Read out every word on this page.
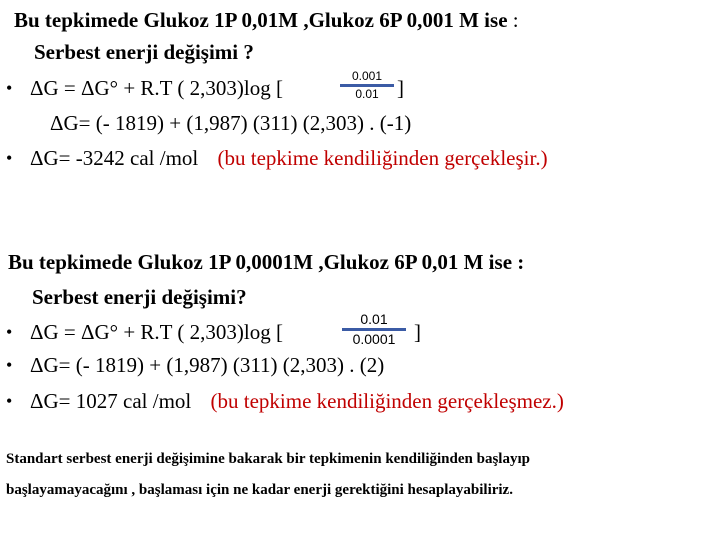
Bu tepkimede Glukoz 1P 0,01M ,Glukoz 6P 0,001 M ise :
Serbest enerji değişimi ?
• ΔG = ΔG° + R.T ( 2,303)log [	0.001
0.01 ]
ΔG= (- 1819) + (1,987) (311) (2,303) . (-1)
• ΔG= -3242 cal /mol (bu tepkime kendiliğinden gerçekleşir.)
Bu tepkimede Glukoz 1P 0,0001M ,Glukoz 6P 0,01 M ise :
Serbest enerji değişimi?
• ΔG = ΔG° + R.T ( 2,303)log [
0.01
0.0001 ]
• ΔG= (- 1819) + (1,987) (311) (2,303) . (2)
• ΔG= 1027 cal /mol (bu tepkime kendiliğinden gerçekleşmez.)
Standart serbest enerji değişimine bakarak bir tepkimenin kendiliğinden başlayıp
başlayamayacağını , başlaması için ne kadar enerji gerektiğini hesaplayabiliriz.
